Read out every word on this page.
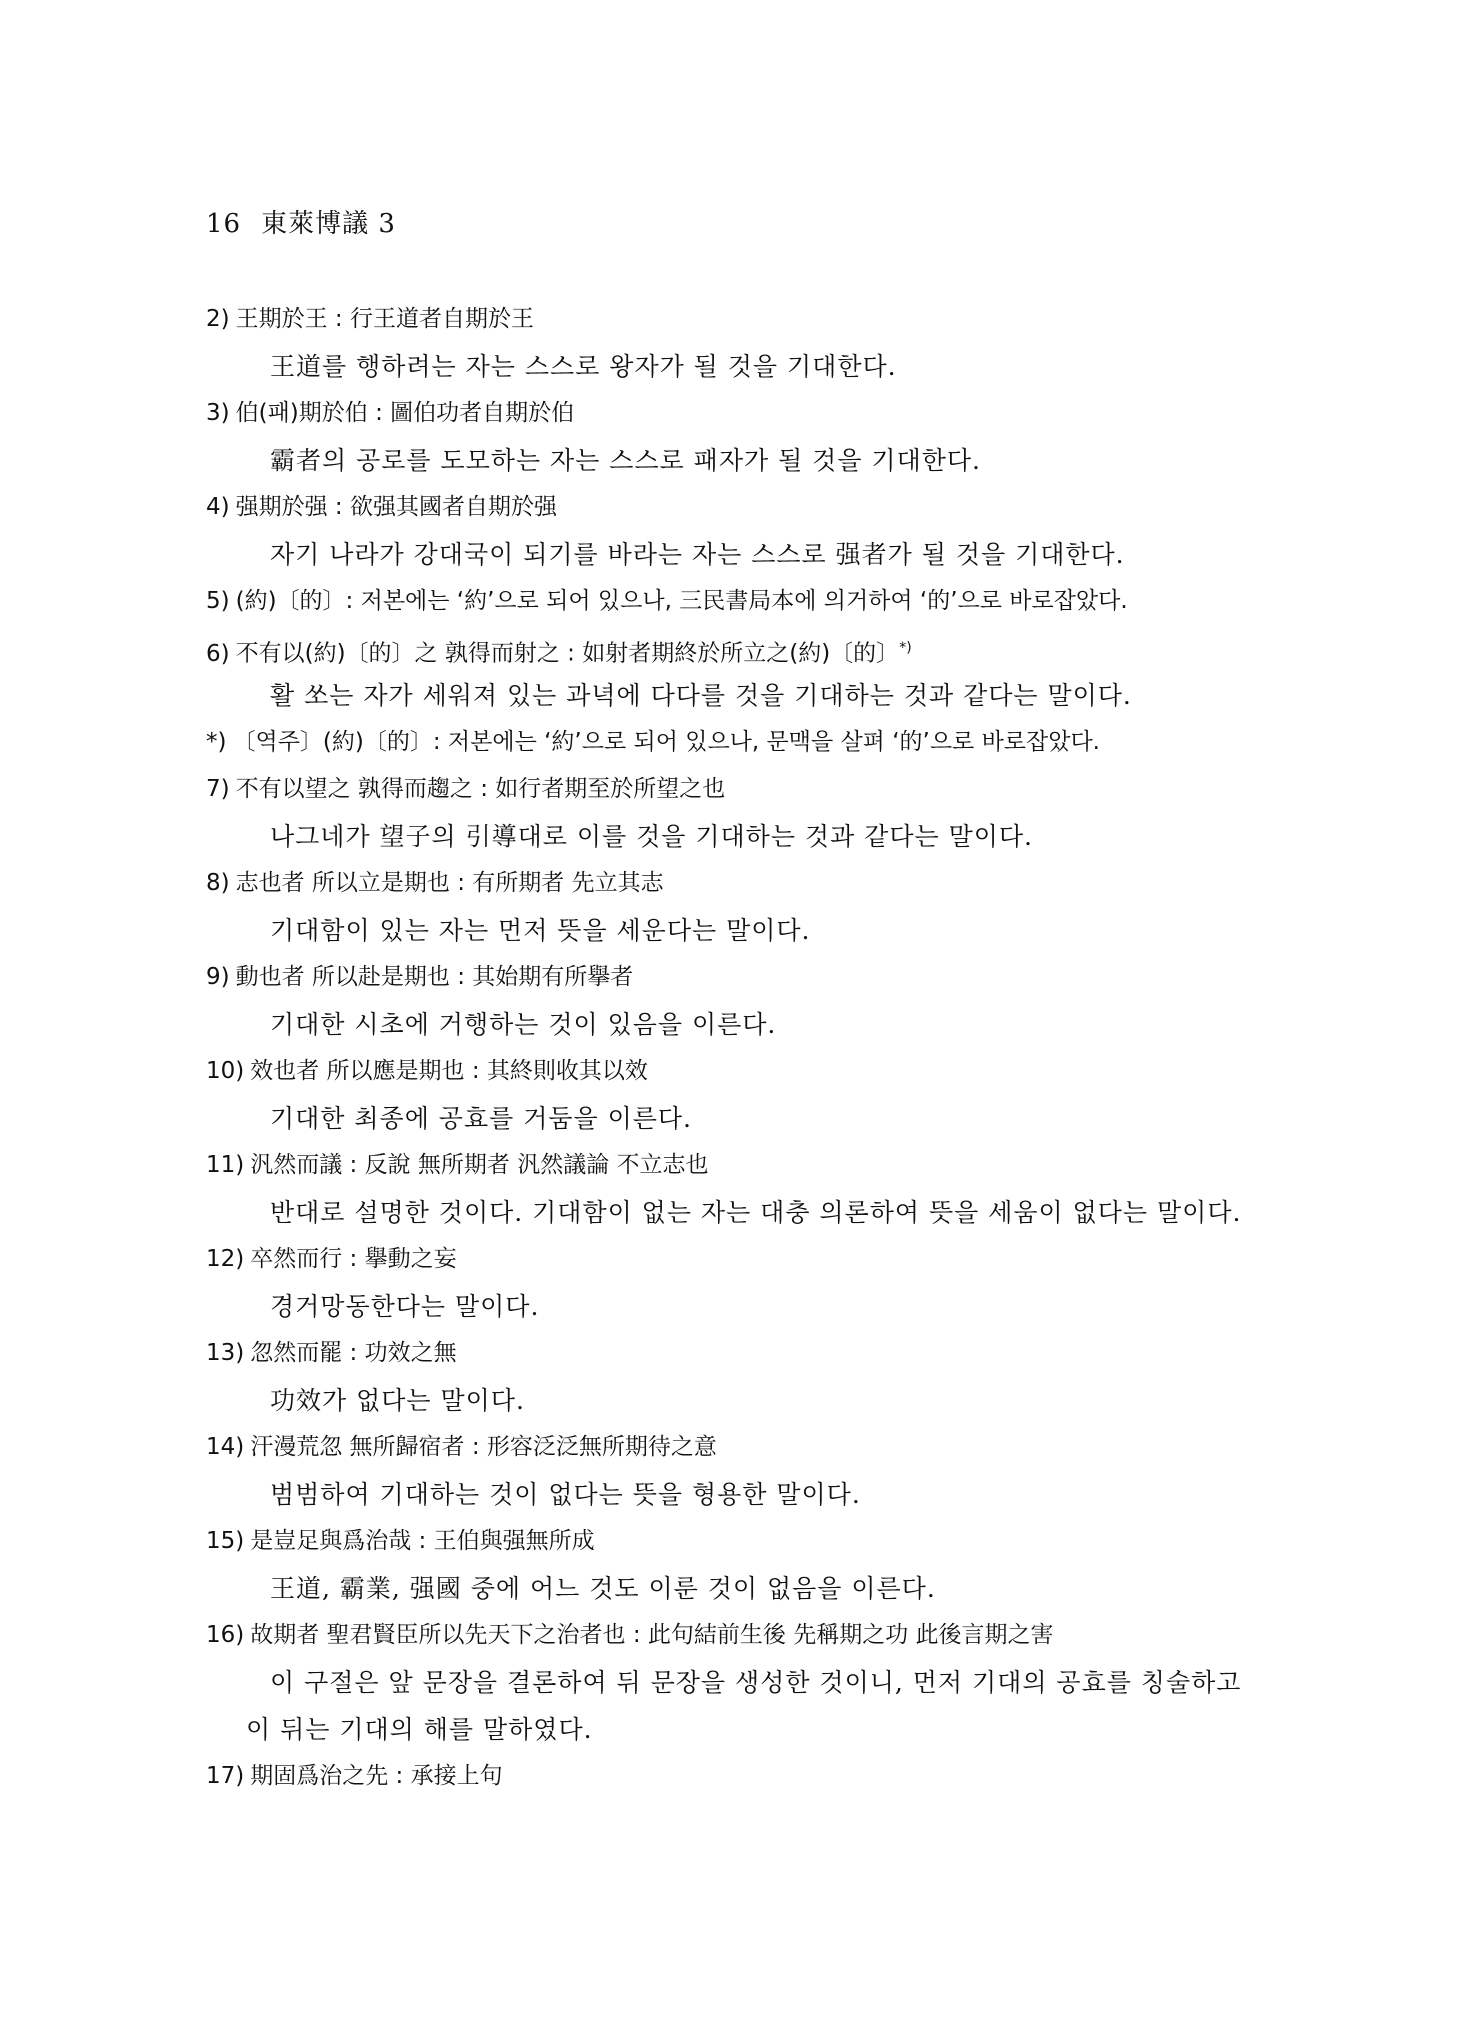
16 東萊博議 3
2) 王期於王 : 行王道者自期於王
王道를 행하려는 자는 스스로 왕자가 될 것을 기대한다.
3) 伯(패)期於伯 : 圖伯功者自期於伯
霸者의 공로를 도모하는 자는 스스로 패자가 될 것을 기대한다.
4) 强期於强 : 欲强其國者自期於强
자기 나라가 강대국이 되기를 바라는 자는 스스로 强者가 될 것을 기대한다.
5) (約)〔的〕: 저본에는 ‘約’으로 되어 있으나, 三民書局本에 의거하여 ‘的’으로 바로잡았다.
6) 不有以(約)〔的〕之 孰得而射之 : 如射者期終於所立之(約)〔的〕*)
활 쏘는 자가 세워져 있는 과녁에 다다를 것을 기대하는 것과 같다는 말이다.
*) 〔역주〕(約)〔的〕: 저본에는 ‘約’으로 되어 있으나, 문맥을 살펴 ‘的’으로 바로잡았다.
7) 不有以望之 孰得而趨之 : 如行者期至於所望之也
나그네가 望子의 引導대로 이를 것을 기대하는 것과 같다는 말이다.
8) 志也者 所以立是期也 : 有所期者 先立其志
기대함이 있는 자는 먼저 뜻을 세운다는 말이다.
9) 動也者 所以赴是期也 : 其始期有所擧者
기대한 시초에 거행하는 것이 있음을 이른다.
10) 效也者 所以應是期也 : 其終則收其以效
기대한 최종에 공효를 거둠을 이른다.
11) 汎然而議 : 反說 無所期者 汎然議論 不立志也
반대로 설명한 것이다. 기대함이 없는 자는 대충 의론하여 뜻을 세움이 없다는 말이다.
12) 卒然而行 : 擧動之妄
경거망동한다는 말이다.
13) 忽然而罷 : 功效之無
功效가 없다는 말이다.
14) 汗漫荒忽 無所歸宿者 : 形容泛泛無所期待之意
범범하여 기대하는 것이 없다는 뜻을 형용한 말이다.
15) 是豈足與爲治哉 : 王伯與强無所成
王道, 霸業, 强國 중에 어느 것도 이룬 것이 없음을 이른다.
16) 故期者 聖君賢臣所以先天下之治者也 : 此句結前生後 先稱期之功 此後言期之害
이 구절은 앞 문장을 결론하여 뒤 문장을 생성한 것이니, 먼저 기대의 공효를 칭술하고
이 뒤는 기대의 해를 말하였다.
17) 期固爲治之先 : 承接上句
